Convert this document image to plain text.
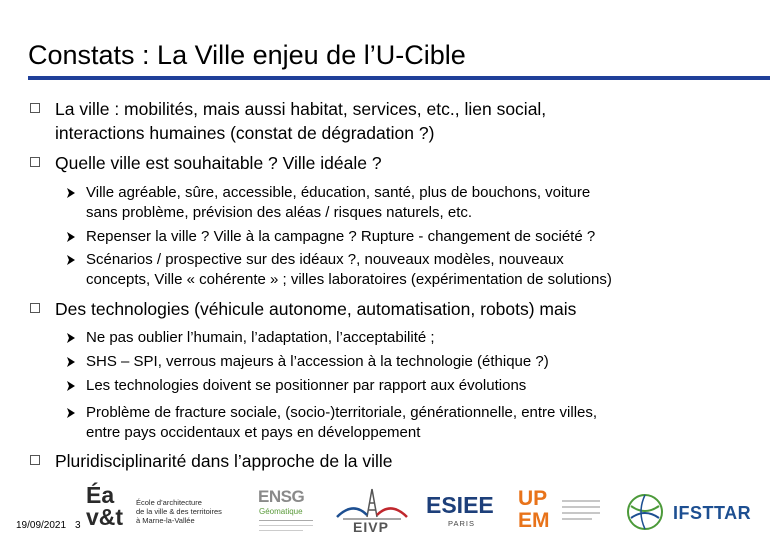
Constats : La Ville enjeu de l’U-Cible
La ville : mobilités, mais aussi habitat, services, etc., lien social,
interactions humaines (constat de dégradation ?)
Quelle ville est souhaitable ? Ville idéale ?
Ville agréable, sûre, accessible, éducation, santé, plus de bouchons, voiture
sans problème, prévision des aléas / risques naturels, etc.
Repenser la ville ? Ville à la campagne ? Rupture - changement de société ?
Scénarios / prospective sur des idéaux ?, nouveaux modèles, nouveaux
concepts, Ville « cohérente » ; villes laboratoires (expérimentation de solutions)
Des technologies (véhicule autonome, automatisation, robots) mais
Ne pas oublier l’humain, l’adaptation, l’acceptabilité ;
SHS – SPI, verrous majeurs à l’accession à la technologie (éthique ?)
Les technologies doivent se positionner par rapport aux évolutions
Problème de fracture sociale, (socio-)territoriale, générationnelle, entre villes,
entre pays occidentaux et pays en développement
Pluridisciplinarité dans l’approche de la ville
19/09/2021 3
Éa
v&t
École d’architecture
de la ville & des territoires
à Marne-la-Vallée
ENSG
Géomatique
EIVP
ESIEE
PARIS
UP
EM	IFSTTAR
